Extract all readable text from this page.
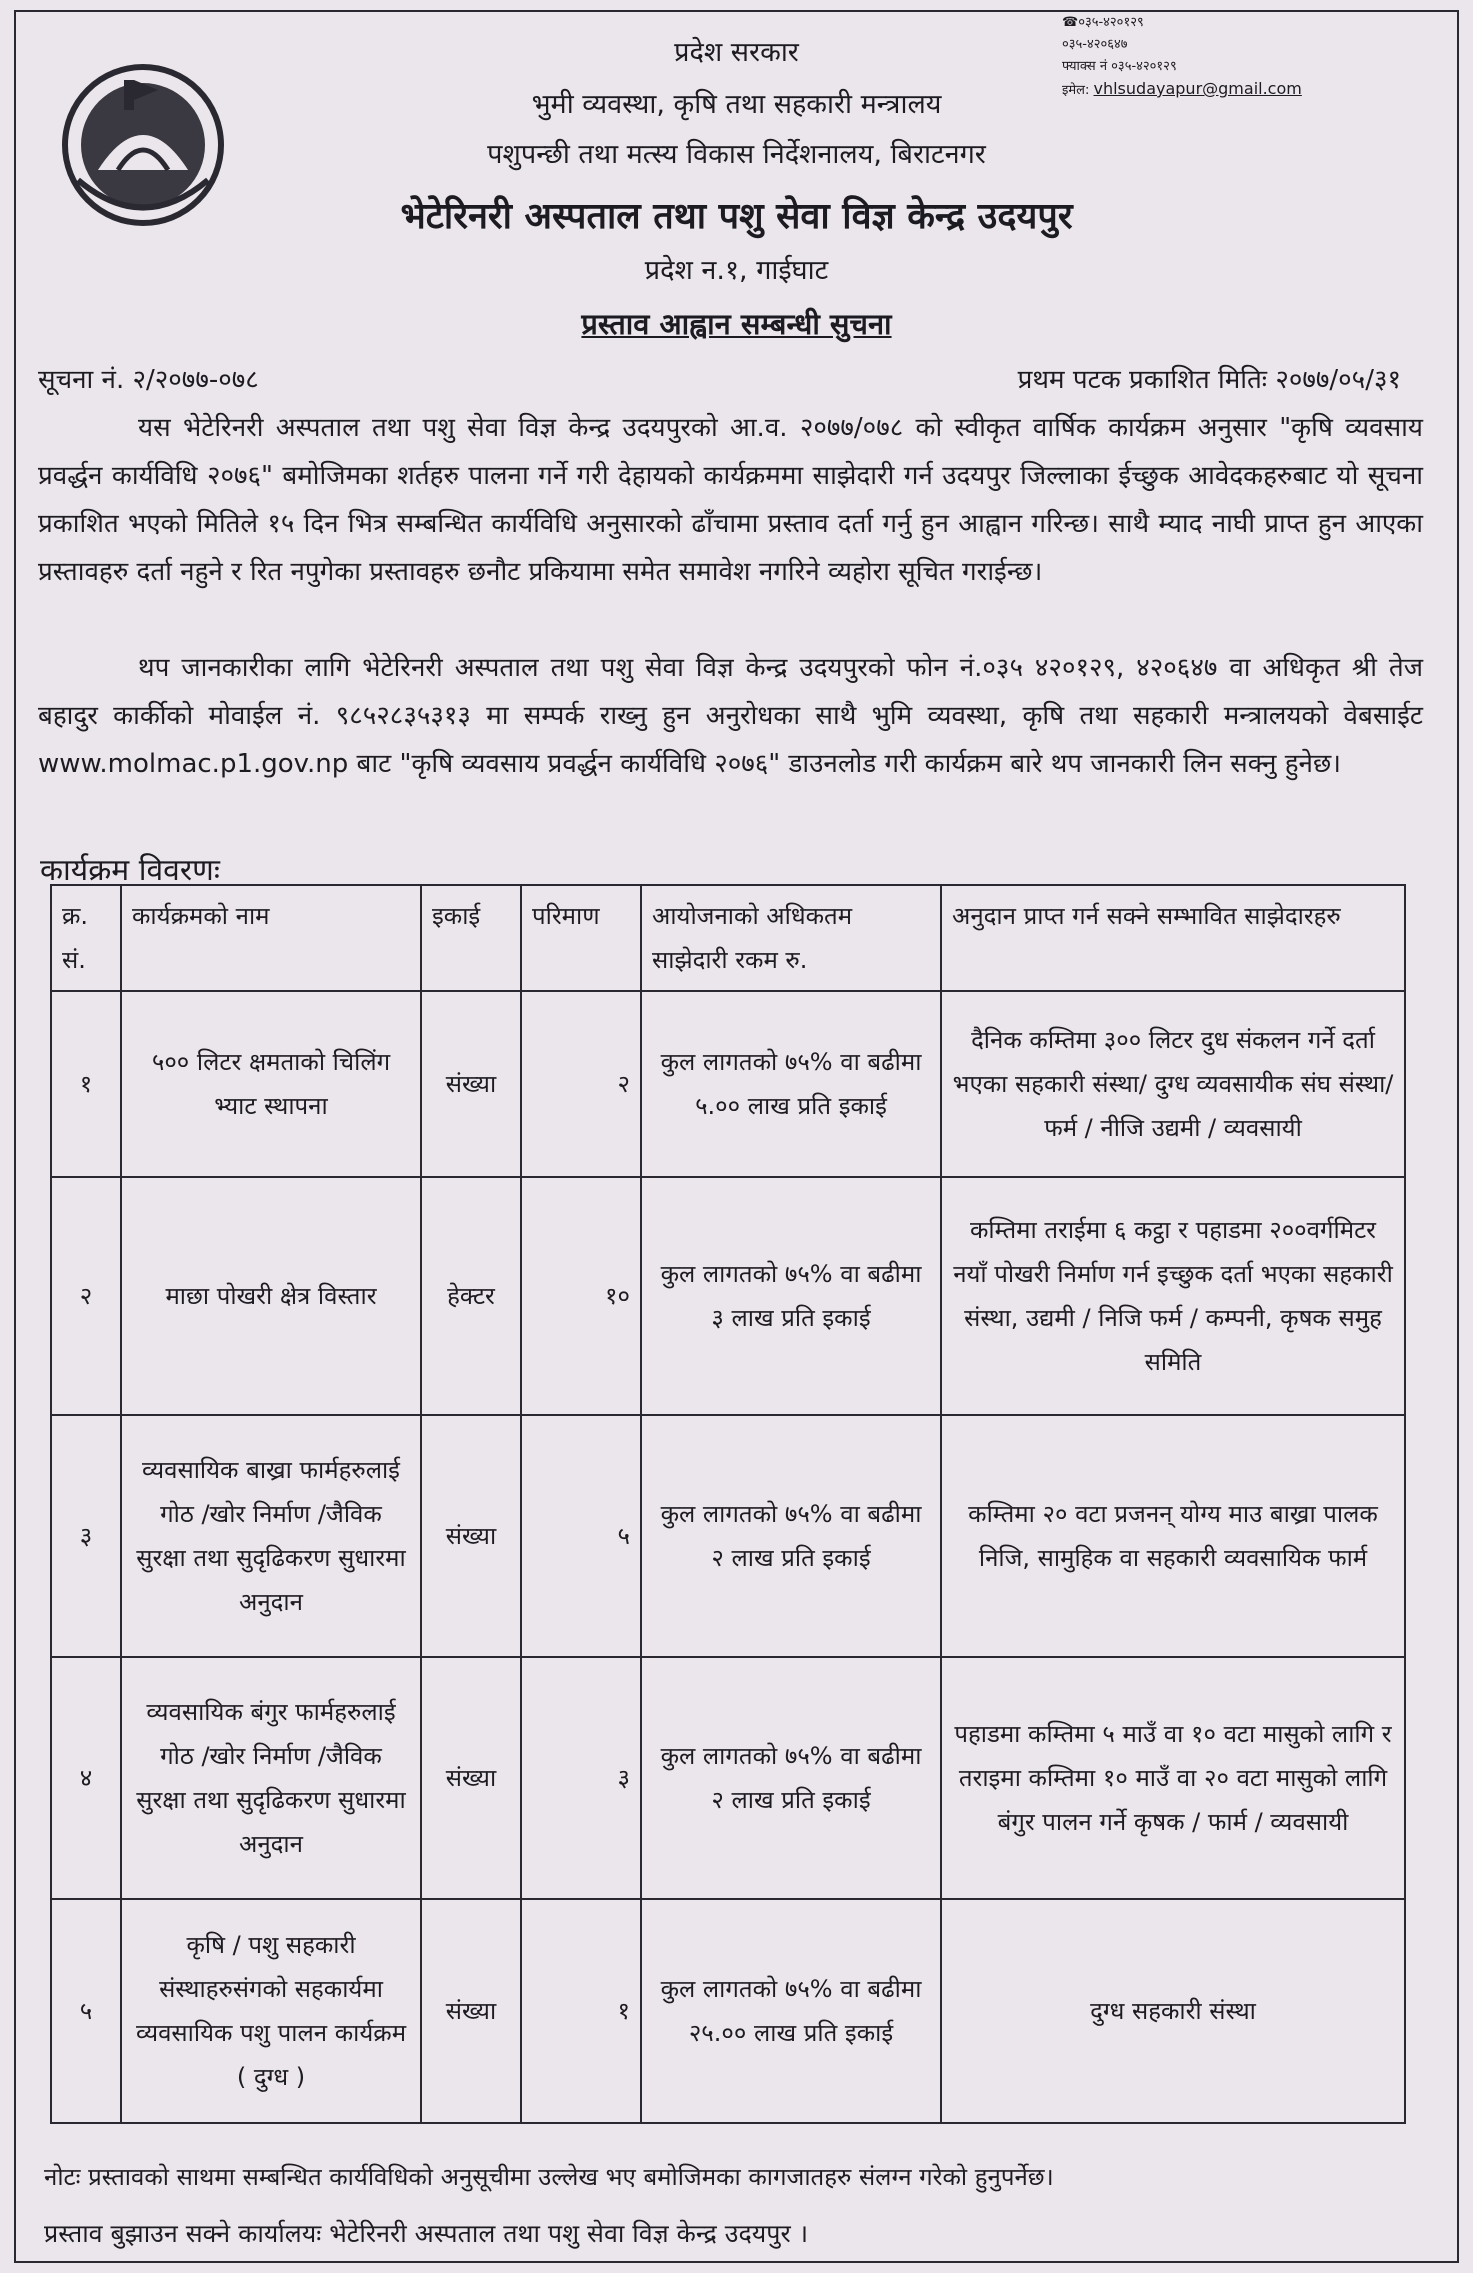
☎०३५-४२०१२९
०३५-४२०६४७
फ्याक्स नं ०३५-४२०१२९
इमेल: vhlsudayapur@gmail.com
प्रदेश सरकार
भुमी व्यवस्था, कृषि तथा सहकारी मन्त्रालय
पशुपन्छी तथा मत्स्य विकास निर्देशनालय, बिराटनगर
भेटेरिनरी अस्पताल तथा पशु सेवा विज्ञ केन्द्र उदयपुर
प्रदेश न.१, गाईघाट
प्रस्ताव आह्वान सम्बन्धी सुचना
सूचना नं. २/२०७७-०७८	प्रथम पटक प्रकाशित मितिः २०७७/०५/३१
यस भेटेरिनरी अस्पताल तथा पशु सेवा विज्ञ केन्द्र उदयपुरको आ.व. २०७७/०७८ को स्वीकृत वार्षिक कार्यक्रम अनुसार "कृषि व्यवसाय प्रवर्द्धन कार्यविधि २०७६" बमोजिमका शर्तहरु पालना गर्ने गरी देहायको कार्यक्रममा साझेदारी गर्न उदयपुर जिल्लाका ईच्छुक आवेदकहरुबाट यो सूचना प्रकाशित भएको मितिले १५ दिन भित्र सम्बन्धित कार्यविधि अनुसारको ढाँचामा प्रस्ताव दर्ता गर्नु हुन आह्वान गरिन्छ। साथै म्याद नाघी प्राप्त हुन आएका प्रस्तावहरु दर्ता नहुने र रित नपुगेका प्रस्तावहरु छनौट प्रकियामा समेत समावेश नगरिने व्यहोरा सूचित गराईन्छ।
थप जानकारीका लागि भेटेरिनरी अस्पताल तथा पशु सेवा विज्ञ केन्द्र उदयपुरको फोन नं.०३५ ४२०१२९, ४२०६४७ वा अधिकृत श्री तेज बहादुर कार्कीको मोवाईल नं. ९८५२८३५३१३ मा सम्पर्क राख्नु हुन अनुरोधका साथै भुमि व्यवस्था, कृषि तथा सहकारी मन्त्रालयको वेबसाईट www.molmac.p1.gov.np बाट "कृषि व्यवसाय प्रवर्द्धन कार्यविधि २०७६" डाउनलोड गरी कार्यक्रम बारे थप जानकारी लिन सक्नु हुनेछ।
कार्यक्रम विवरणः
क्र. सं.	कार्यक्रमको नाम	इकाई	परिमाण	आयोजनाको अधिकतम साझेदारी रकम रु.	अनुदान प्राप्त गर्न सक्ने सम्भावित साझेदारहरु
१	५०० लिटर क्षमताको चिलिंग भ्याट स्थापना	संख्या	२	कुल लागतको ७५% वा बढीमा ५.०० लाख प्रति इकाई	दैनिक कम्तिमा ३०० लिटर दुध संकलन गर्ने दर्ता भएका सहकारी संस्था/ दुग्ध व्यवसायीक संघ संस्था/ फर्म / नीजि उद्यमी / व्यवसायी
२	माछा पोखरी क्षेत्र विस्तार	हेक्टर	१०	कुल लागतको ७५% वा बढीमा ३ लाख प्रति इकाई	कम्तिमा तराईमा ६ कट्ठा र पहाडमा २००वर्गमिटर नयाँ पोखरी निर्माण गर्न इच्छुक दर्ता भएका सहकारी संस्था, उद्यमी / निजि फर्म / कम्पनी, कृषक समुह समिति
३	व्यवसायिक बाख्रा फार्महरुलाई गोठ /खोर निर्माण /जैविक सुरक्षा तथा सुदृढिकरण सुधारमा अनुदान	संख्या	५	कुल लागतको ७५% वा बढीमा २ लाख प्रति इकाई	कम्तिमा २० वटा प्रजनन् योग्य माउ बाख्रा पालक निजि, सामुहिक वा सहकारी व्यवसायिक फार्म
४	व्यवसायिक बंगुर फार्महरुलाई गोठ /खोर निर्माण /जैविक सुरक्षा तथा सुदृढिकरण सुधारमा अनुदान	संख्या	३	कुल लागतको ७५% वा बढीमा २ लाख प्रति इकाई	पहाडमा कम्तिमा ५ माउँ वा १० वटा मासुको लागि र तराइमा कम्तिमा १० माउँ वा २० वटा मासुको लागि बंगुर पालन गर्ने कृषक / फार्म / व्यवसायी
५	कृषि / पशु सहकारी संस्थाहरुसंगको सहकार्यमा व्यवसायिक पशु पालन कार्यक्रम ( दुग्ध )	संख्या	१	कुल लागतको ७५% वा बढीमा २५.०० लाख प्रति इकाई	दुग्ध सहकारी संस्था
नोटः प्रस्तावको साथमा सम्बन्धित कार्यविधिको अनुसूचीमा उल्लेख भए बमोजिमका कागजातहरु संलग्न गरेको हुनुपर्नेछ।
प्रस्ताव बुझाउन सक्ने कार्यालयः भेटेरिनरी अस्पताल तथा पशु सेवा विज्ञ केन्द्र उदयपुर ।
